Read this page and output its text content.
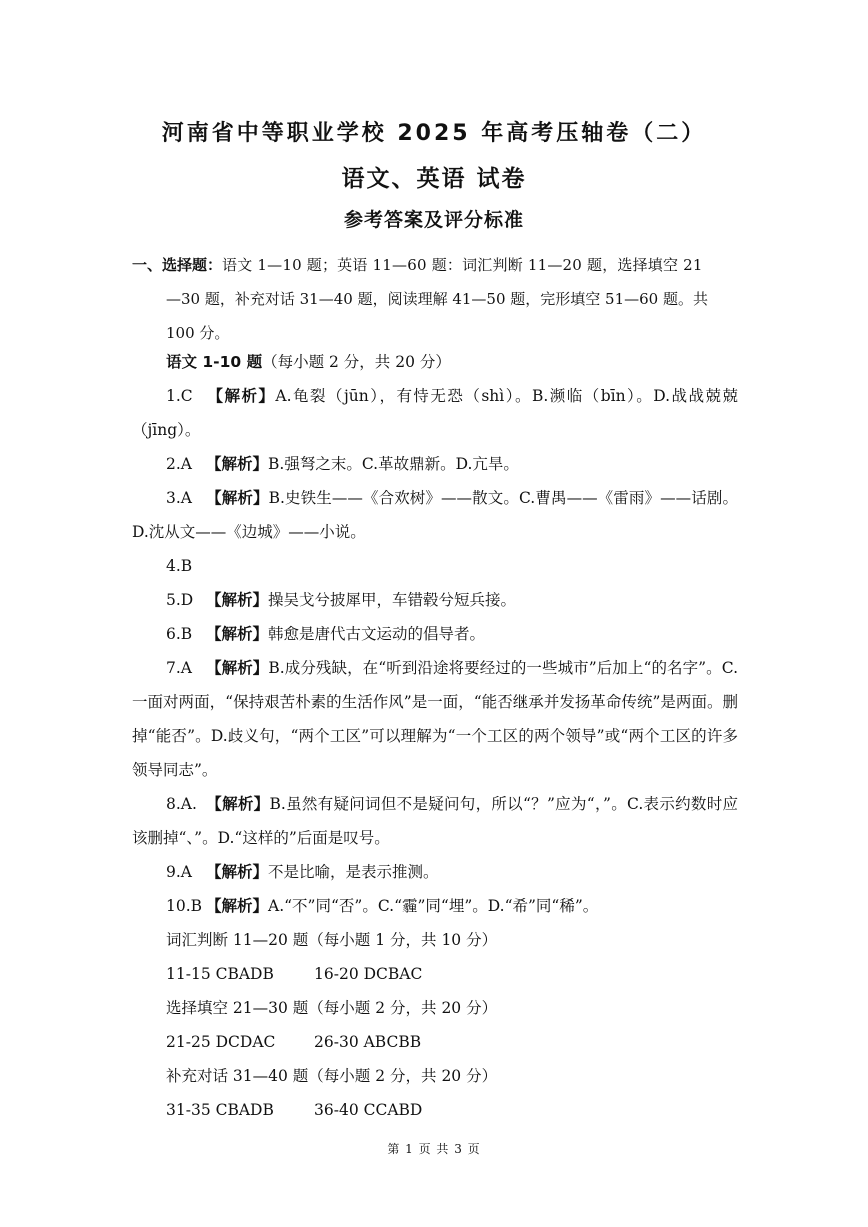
河南省中等职业学校 2025 年高考压轴卷（二）
语文、英语 试卷
参考答案及评分标准
一、选择题：语文 1—10 题；英语 11—60 题：词汇判断 11—20 题，选择填空 21
—30 题，补充对话 31—40 题，阅读理解 41—50 题，完形填空 51—60 题。共
100 分。
语文 1-10 题（每小题 2 分，共 20 分）
1.C 【解析】A.龟裂（jūn），有恃无恐（shì）。B.濒临（bīn）。D.战战兢兢（jīng）。
2.A 【解析】B.强弩之末。C.革故鼎新。D.亢旱。
3.A 【解析】B.史铁生——《合欢树》——散文。C.曹禺——《雷雨》——话剧。D.沈从文——《边城》——小说。
4.B
5.D 【解析】操吴戈兮披犀甲，车错毂兮短兵接。
6.B 【解析】韩愈是唐代古文运动的倡导者。
7.A 【解析】B.成分残缺，在“听到沿途将要经过的一些城市”后加上“的名字”。C.一面对两面，“保持艰苦朴素的生活作风”是一面，“能否继承并发扬革命传统”是两面。删掉“能否”。D.歧义句，“两个工区”可以理解为“一个工区的两个领导”或“两个工区的许多领导同志”。
8.A. 【解析】B.虽然有疑问词但不是疑问句，所以“？”应为“，”。C.表示约数时应该删掉“、”。D.“这样的”后面是叹号。
9.A 【解析】不是比喻，是表示推测。
10.B 【解析】A.“不”同“否”。C.“霾”同“埋”。D.“希”同“稀”。
词汇判断 11—20 题（每小题 1 分，共 10 分）
11-15 CBADB	16-20 DCBAC
选择填空 21—30 题（每小题 2 分，共 20 分）
21-25 DCDAC 26-30 ABCBB
补充对话 31—40 题（每小题 2 分，共 20 分）
31-35 CBADB	36-40 CCABD
第 1 页 共 3 页
